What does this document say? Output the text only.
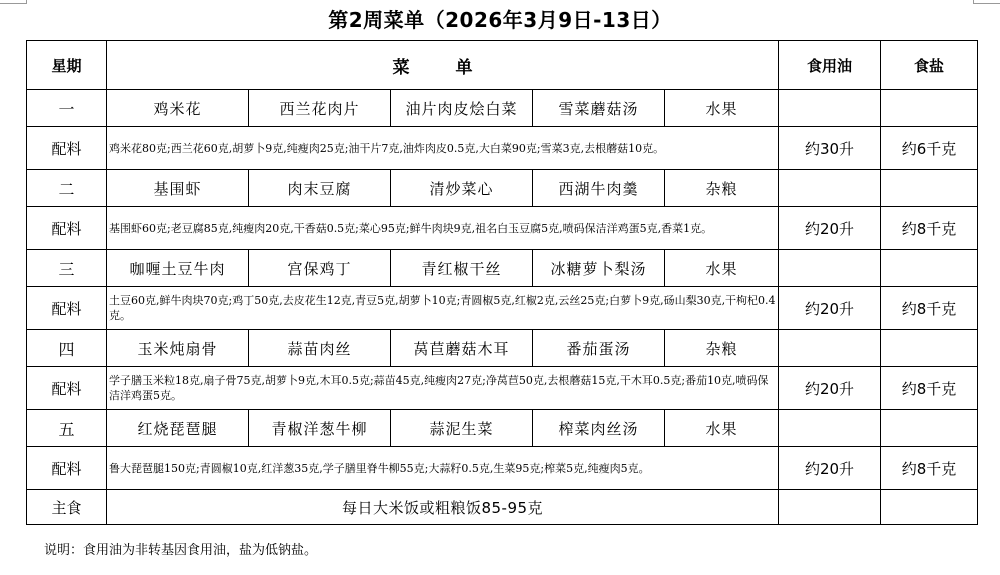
第2周菜单（2026年3月9日-13日）
星期	菜 单	食用油	食盐
一	鸡米花 西兰花肉片 油片肉皮烩白菜 雪菜蘑菇汤 水果		

配料	鸡米花80克;西兰花60克,胡萝卜9克,纯瘦肉25克;油干片7克,油炸肉皮0.5克,大白菜90克;雪菜3克,去根蘑菇10克。	约30升	约6千克
二	基围虾 肉末豆腐 清炒菜心 西湖牛肉羹 杂粮		

配料	基围虾60克;老豆腐85克,纯瘦肉20克,干香菇0.5克;菜心95克;鲜牛肉块9克,祖名白玉豆腐5克,喷码保洁洋鸡蛋5克,香菜1克。	约20升	约8千克
三	咖喱土豆牛肉 宫保鸡丁 青红椒干丝 冰糖萝卜梨汤 水果		

配料	土豆60克,鲜牛肉块70克;鸡丁50克,去皮花生12克,青豆5克,胡萝卜10克;青圆椒5克,红椒2克,云丝25克;白萝卜9克,砀山梨30克,干枸杞0.4克。	约20升	约8千克
四	玉米炖扇骨 蒜苗肉丝 莴苣蘑菇木耳 番茄蛋汤 杂粮		

配料	学子膳玉米粒18克,扇子骨75克,胡萝卜9克,木耳0.5克;蒜苗45克,纯瘦肉27克;净莴苣50克,去根蘑菇15克,干木耳0.5克;番茄10克,喷码保洁洋鸡蛋5克。	约20升	约8千克
五	红烧琵琶腿 青椒洋葱牛柳 蒜泥生菜 榨菜肉丝汤 水果		

配料	鲁大琵琶腿150克;青圆椒10克,红洋葱35克,学子膳里脊牛柳55克;大蒜籽0.5克,生菜95克;榨菜5克,纯瘦肉5克。	约20升	约8千克
主食	每日大米饭或粗粮饭85-95克		
说明：食用油为非转基因食用油，盐为低钠盐。
